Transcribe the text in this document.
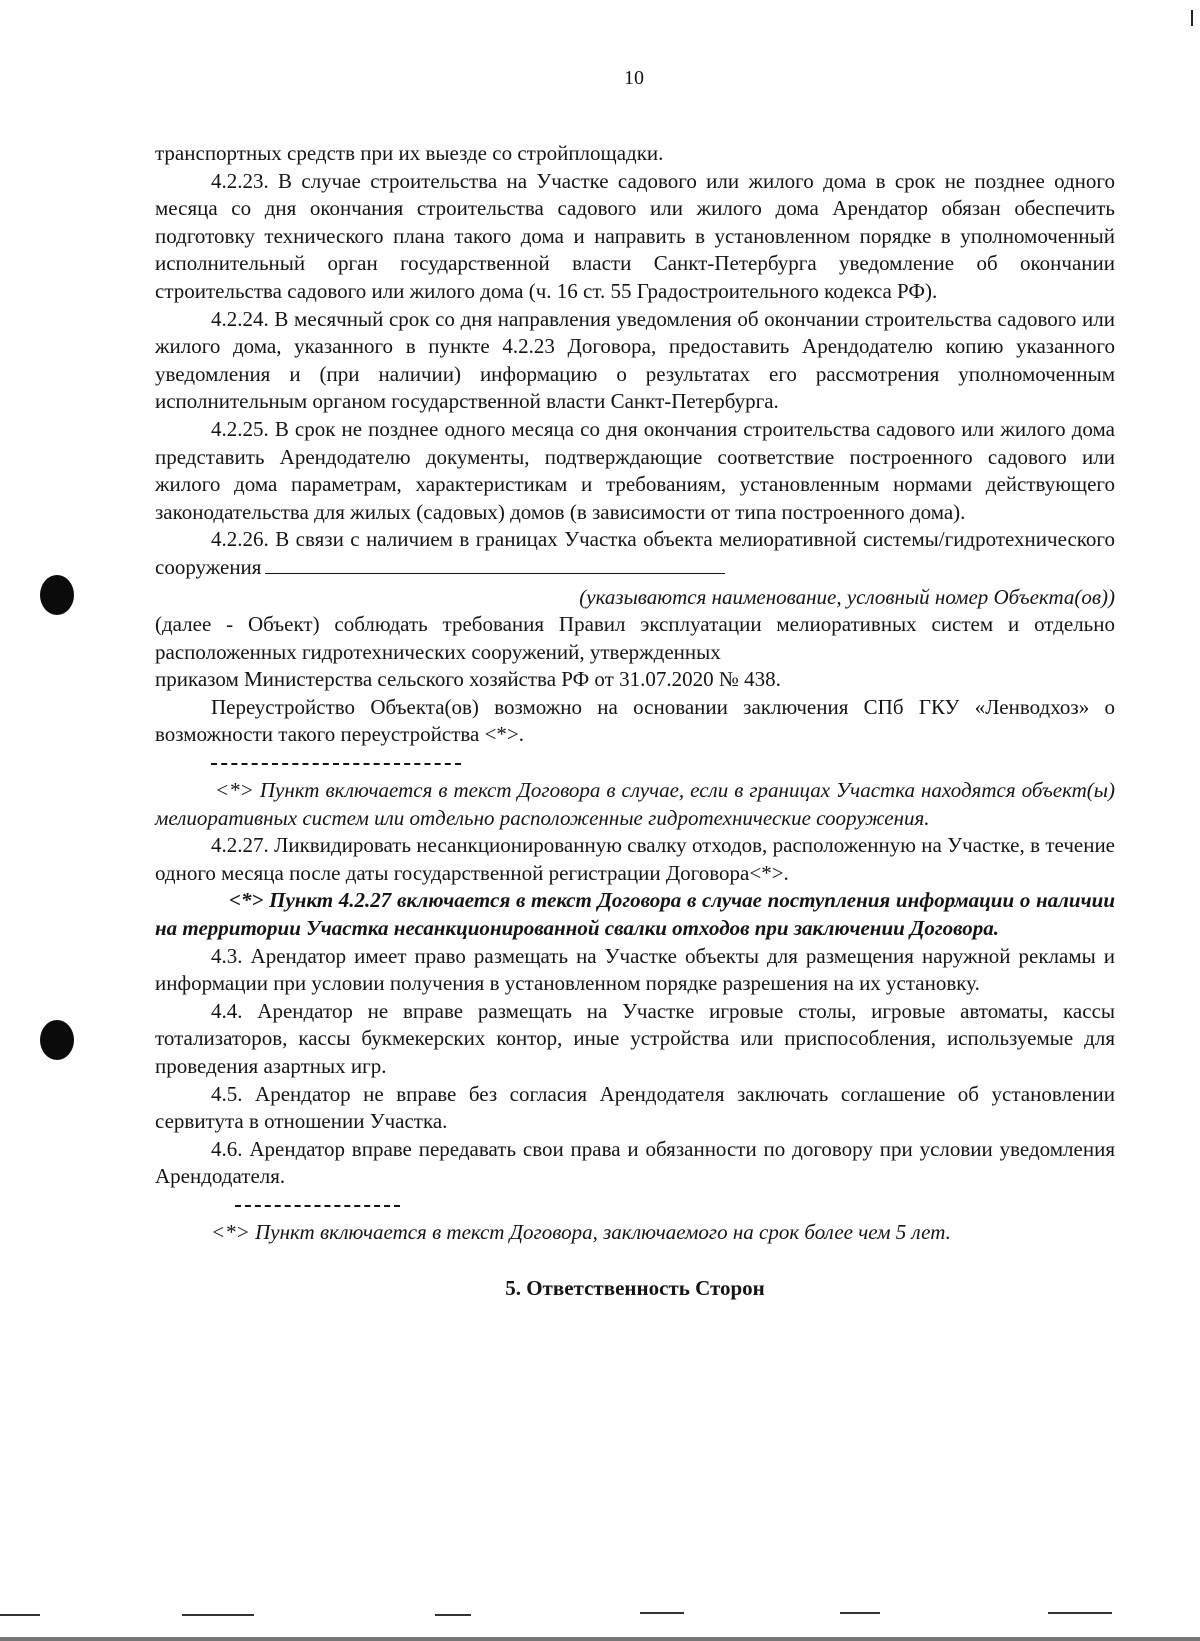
10

транспортных средств при их выезде со стройплощадки.

4.2.23. В случае строительства на Участке садового или жилого дома в срок не позднее одного месяца со дня окончания строительства садового или жилого дома Арендатор обязан обеспечить подготовку технического плана такого дома и направить в установленном порядке в уполномоченный исполнительный орган государственной власти Санкт-Петербурга уведомление об окончании строительства садового или жилого дома (ч. 16 ст. 55 Градостроительного кодекса РФ).

4.2.24. В месячный срок со дня направления уведомления об окончании строительства садового или жилого дома, указанного в пункте 4.2.23 Договора, предоставить Арендодателю копию указанного уведомления и (при наличии) информацию о результатах его рассмотрения уполномоченным исполнительным органом государственной власти Санкт-Петербурга.

4.2.25. В срок не позднее одного месяца со дня окончания строительства садового или жилого дома представить Арендодателю документы, подтверждающие соответствие построенного садового или жилого дома параметрам, характеристикам и требованиям, установленным нормами действующего законодательства для жилых (садовых) домов (в зависимости от типа построенного дома).

4.2.26. В связи с наличием в границах Участка объекта мелиоративной системы/гидротехнического сооружения

(указываются наименование, условный номер Объекта(ов))

(далее - Объект) соблюдать требования Правил эксплуатации мелиоративных систем и отдельно расположенных гидротехнических сооружений, утвержденных

приказом Министерства сельского хозяйства РФ от 31.07.2020 № 438.

Переустройство Объекта(ов) возможно на основании заключения СПб ГКУ «Ленводхоз» о возможности такого переустройства <*>.

<*> Пункт включается в текст Договора в случае, если в границах Участка находятся объект(ы) мелиоративных систем или отдельно расположенные гидротехнические сооружения.

4.2.27. Ликвидировать несанкционированную свалку отходов, расположенную на Участке, в течение одного месяца после даты государственной регистрации Договора<*>.

<*> Пункт 4.2.27 включается в текст Договора в случае поступления информации о наличии на территории Участка несанкционированной свалки отходов при заключении Договора.

4.3. Арендатор имеет право размещать на Участке объекты для размещения наружной рекламы и информации при условии получения в установленном порядке разрешения на их установку.

4.4. Арендатор не вправе размещать на Участке игровые столы, игровые автоматы, кассы тотализаторов, кассы букмекерских контор, иные устройства или приспособления, используемые для проведения азартных игр.

4.5. Арендатор не вправе без согласия Арендодателя заключать соглашение об установлении сервитута в отношении Участка.

4.6. Арендатор вправе передавать свои права и обязанности по договору при условии уведомления Арендодателя.

<*> Пункт включается в текст Договора, заключаемого на срок более чем 5 лет.

5. Ответственность Сторон
